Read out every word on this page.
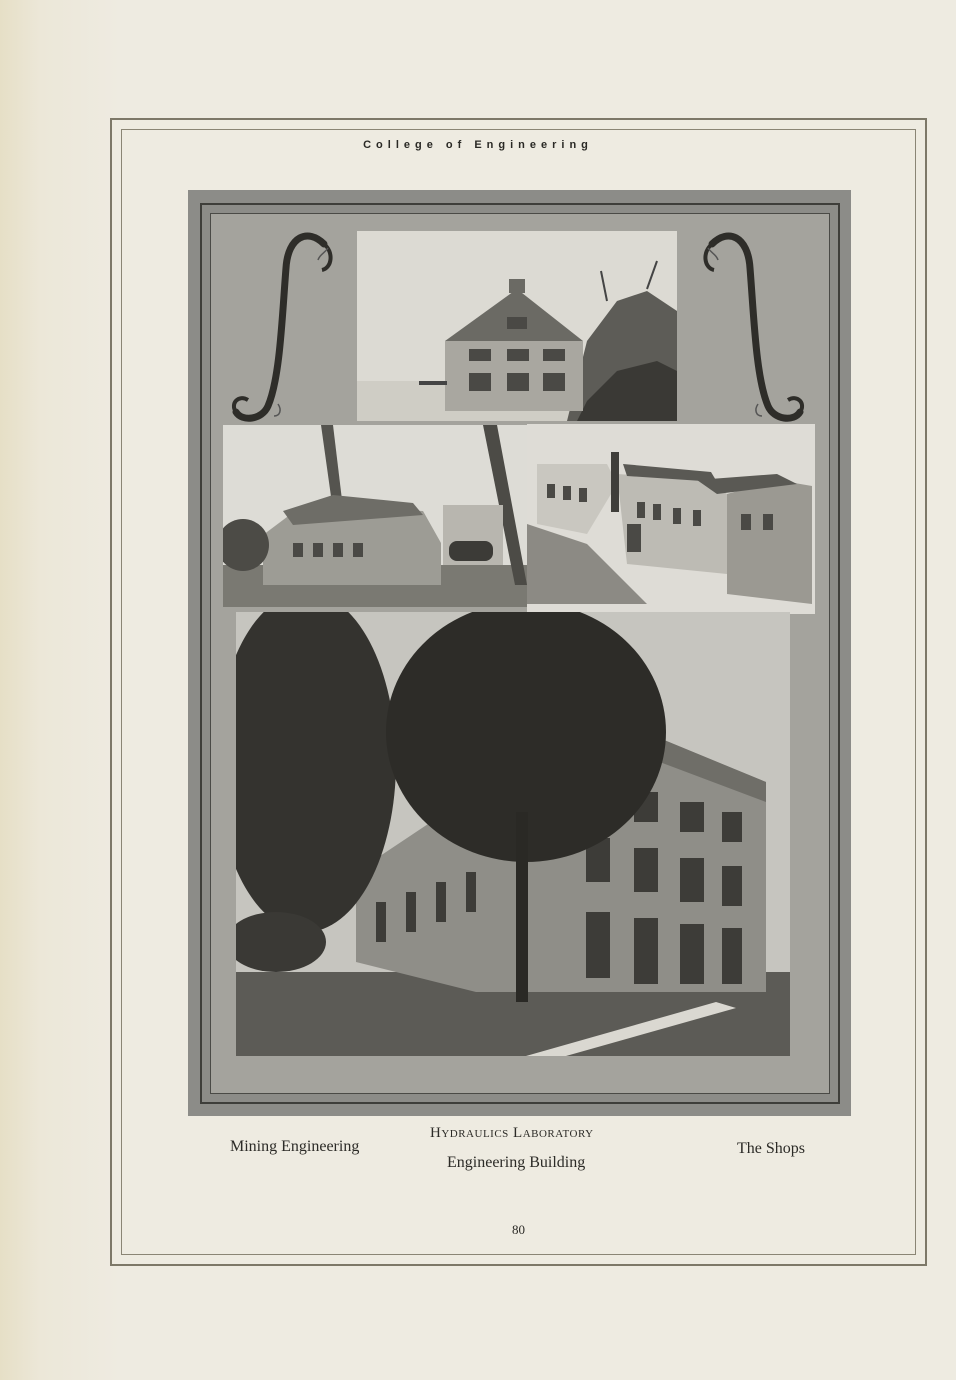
College of Engineering
Mining Engineering
Hydraulics Laboratory
Engineering Building
The Shops
80
